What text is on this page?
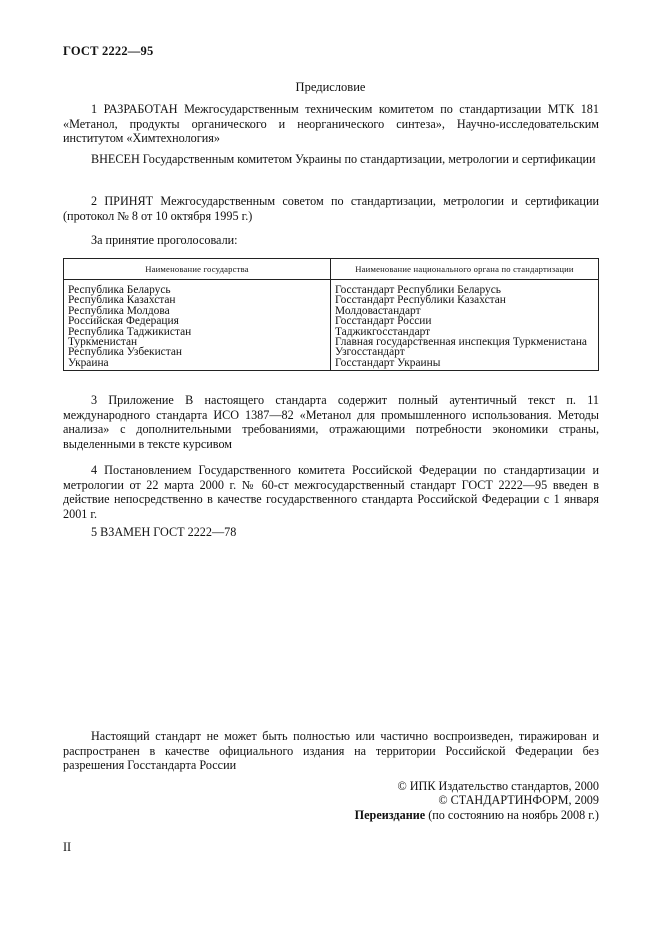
ГОСТ 2222—95
Предисловие
1 РАЗРАБОТАН Межгосударственным техническим комитетом по стандартизации МТК 181 «Метанол, продукты органического и неорганического синтеза», Научно-исследовательским институтом «Химтехнология»
ВНЕСЕН Государственным комитетом Украины по стандартизации, метрологии и сертификации
2 ПРИНЯТ Межгосударственным советом по стандартизации, метрологии и сертификации (протокол № 8 от 10 октября 1995 г.)
За принятие проголосовали:
Наименование государства	Наименование национального органа по стандартизации
Республика Беларусь	Госстандарт Республики Беларусь
Республика Казахстан	Госстандарт Республики Казахстан
Республика Молдова	Молдовастандарт
Российская Федерация	Госстандарт России
Республика Таджикистан	Таджикгосстандарт
Туркменистан	Главная государственная инспекция Туркменистана
Республика Узбекистан	Узгосстандарт
Украина	Госстандарт Украины
3 Приложение В настоящего стандарта содержит полный аутентичный текст п. 11 международного стандарта ИСО 1387—82 «Метанол для промышленного использования. Методы анализа» с дополнительными требованиями, отражающими потребности экономики страны, выделенными в тексте курсивом
4 Постановлением Государственного комитета Российской Федерации по стандартизации и метрологии от 22 марта 2000 г. № 60-ст межгосударственный стандарт ГОСТ 2222—95 введен в действие непосредственно в качестве государственного стандарта Российской Федерации с 1 января 2001 г.
5 ВЗАМЕН ГОСТ 2222—78
Настоящий стандарт не может быть полностью или частично воспроизведен, тиражирован и распространен в качестве официального издания на территории Российской Федерации без разрешения Госстандарта России
© ИПК Издательство стандартов, 2000
© СТАНДАРТИНФОРМ, 2009
Переиздание (по состоянию на ноябрь 2008 г.)
II
